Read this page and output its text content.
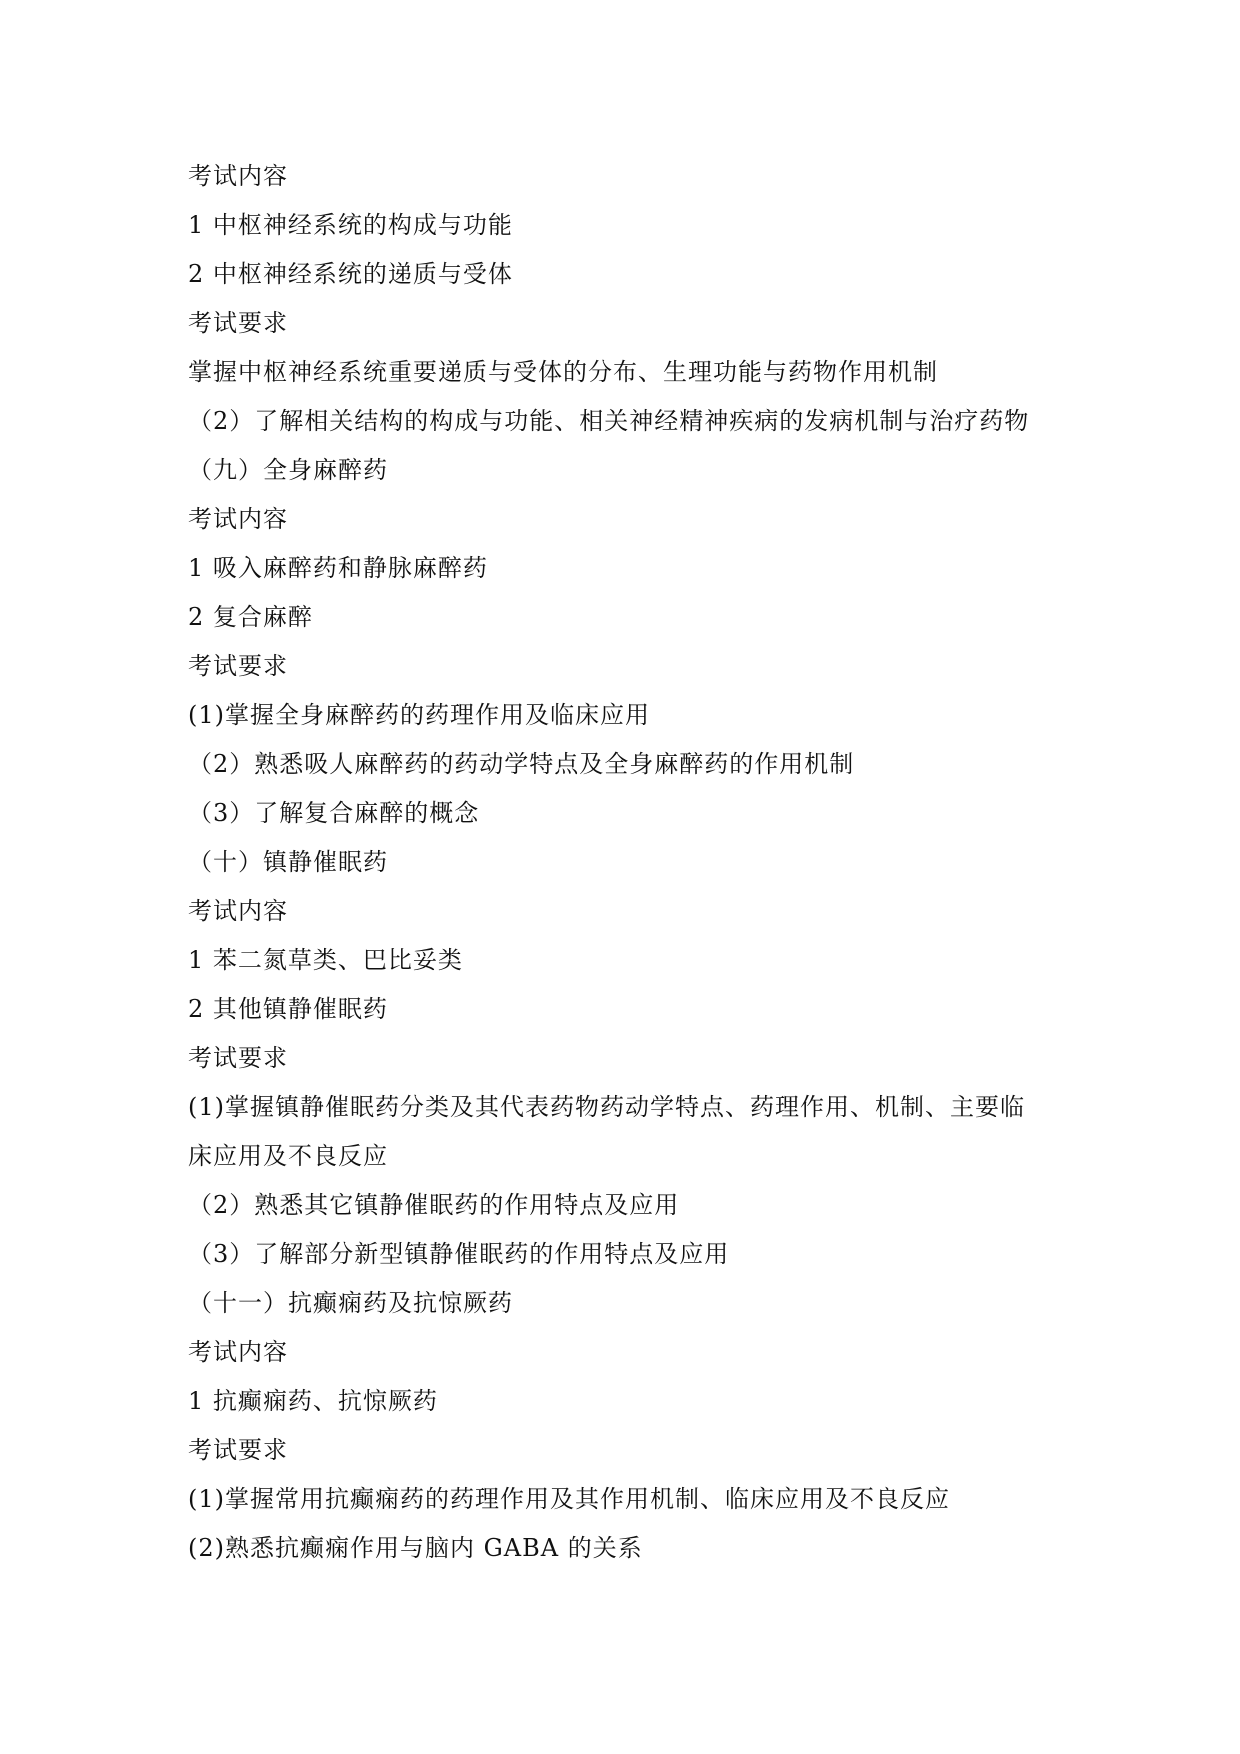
考试内容
1 中枢神经系统的构成与功能
2 中枢神经系统的递质与受体
考试要求
掌握中枢神经系统重要递质与受体的分布、生理功能与药物作用机制
（2）了解相关结构的构成与功能、相关神经精神疾病的发病机制与治疗药物
（九）全身麻醉药
考试内容
1 吸入麻醉药和静脉麻醉药
2 复合麻醉
考试要求
(1)掌握全身麻醉药的药理作用及临床应用
（2）熟悉吸人麻醉药的药动学特点及全身麻醉药的作用机制
（3）了解复合麻醉的概念
（十）镇静催眠药
考试内容
1 苯二氮草类、巴比妥类
2 其他镇静催眠药
考试要求
(1)掌握镇静催眠药分类及其代表药物药动学特点、药理作用、机制、主要临
床应用及不良反应
（2）熟悉其它镇静催眠药的作用特点及应用
（3）了解部分新型镇静催眠药的作用特点及应用
（十一）抗癫痫药及抗惊厥药
考试内容
1 抗癫痫药、抗惊厥药
考试要求
(1)掌握常用抗癫痫药的药理作用及其作用机制、临床应用及不良反应
(2)熟悉抗癫痫作用与脑内 GABA 的关系
